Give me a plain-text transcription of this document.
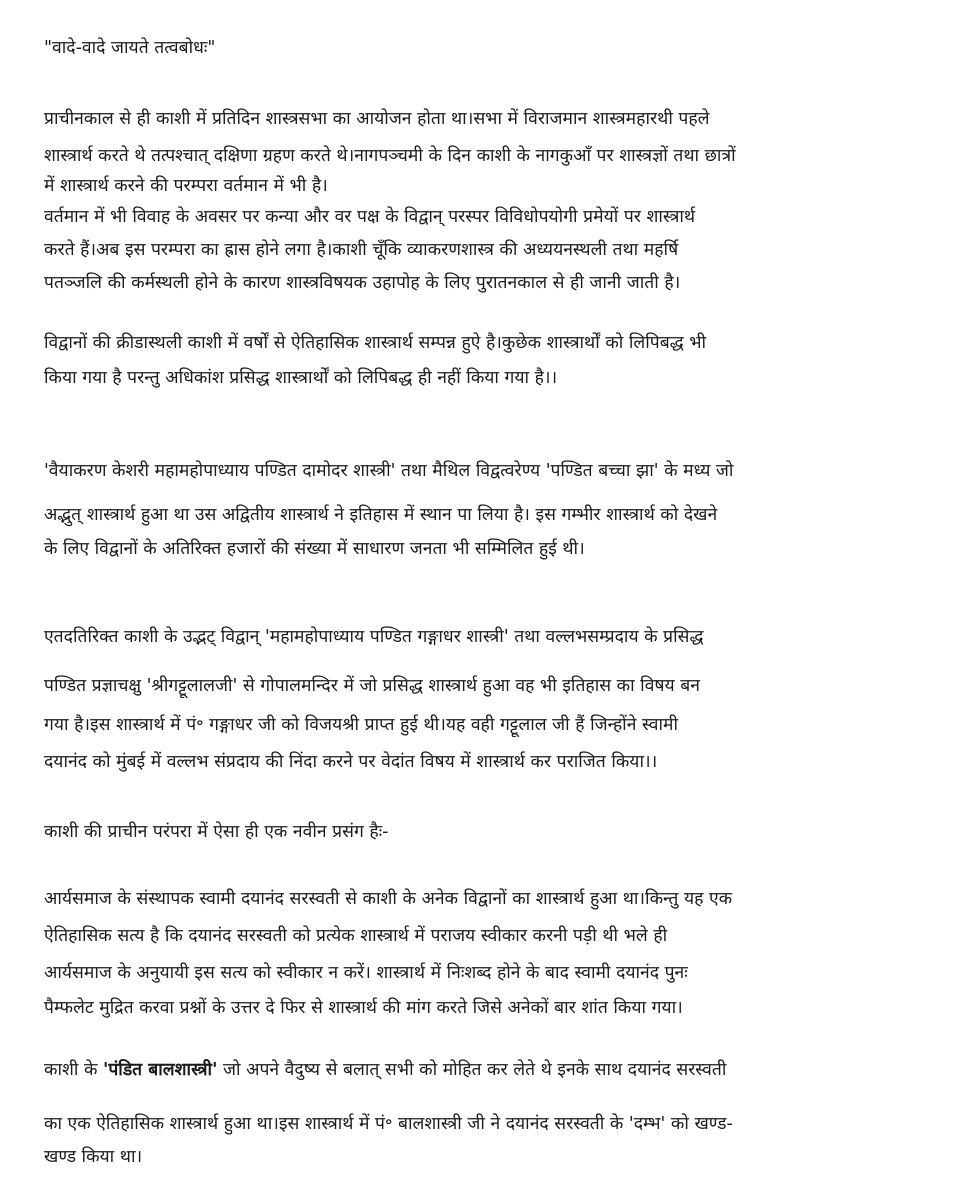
"वादे-वादे जायते तत्वबोधः"
प्राचीनकाल से ही काशी में प्रतिदिन शास्त्रसभा का आयोजन होता था।सभा में विराजमान शास्त्रमहारथी पहले
शास्त्रार्थ करते थे तत्पश्चात् दक्षिणा ग्रहण करते थे।नागपञ्चमी के दिन काशी के नागकुआँ पर शास्त्रज्ञों तथा छात्रों
में शास्त्रार्थ करने की परम्परा वर्तमान में भी है।
वर्तमान में भी विवाह के अवसर पर कन्या और वर पक्ष के विद्वान् परस्पर विविधोपयोगी प्रमेयों पर शास्त्रार्थ
करते हैं।अब इस परम्परा का ह्रास होने लगा है।काशी चूँकि व्याकरणशास्त्र की अध्ययनस्थली तथा महर्षि
पतञ्जलि की कर्मस्थली होने के कारण शास्त्रविषयक उहापोह के लिए पुरातनकाल से ही जानी जाती है।
विद्वानों की क्रीडास्थली काशी में वर्षों से ऐतिहासिक शास्त्रार्थ सम्पन्न हुऐ है।कुछेक शास्त्रार्थों को लिपिबद्ध भी
किया गया है परन्तु अधिकांश प्रसिद्ध शास्त्रार्थों को लिपिबद्ध ही नहीं किया गया है।।
'वैयाकरण केशरी महामहोपाध्याय पण्डित दामोदर शास्त्री' तथा मैथिल विद्वत्वरेण्य 'पण्डित बच्चा झा' के मध्य जो
अद्भुत् शास्त्रार्थ हुआ था उस अद्वितीय शास्त्रार्थ ने इतिहास में स्थान पा लिया है। इस गम्भीर शास्त्रार्थ को देखने
के लिए विद्वानों के अतिरिक्त हजारों की संख्या में साधारण जनता भी सम्मिलित हुई थी।
एतदतिरिक्त काशी के उद्भट् विद्वान् 'महामहोपाध्याय पण्डित गङ्गाधर शास्त्री' तथा वल्लभसम्प्रदाय के प्रसिद्ध
पण्डित प्रज्ञाचक्षु 'श्रीगट्टूलालजी' से गोपालमन्दिर में जो प्रसिद्ध शास्त्रार्थ हुआ वह भी इतिहास का विषय बन
गया है।इस शास्त्रार्थ में पं॰ गङ्गाधर जी को विजयश्री प्राप्त हुई थी।यह वही गट्टूलाल जी हैं जिन्होंने स्वामी
दयानंद को मुंबई में वल्लभ संप्रदाय की निंदा करने पर वेदांत विषय में शास्त्रार्थ कर पराजित किया।।
काशी की प्राचीन परंपरा में ऐसा ही एक नवीन प्रसंग हैः-
आर्यसमाज के संस्थापक स्वामी दयानंद सरस्वती से काशी के अनेक विद्वानों का शास्त्रार्थ हुआ था।किन्तु यह एक
ऐतिहासिक सत्य है कि दयानंद सरस्वती को प्रत्येक शास्त्रार्थ में पराजय स्वीकार करनी पड़ी थी भले ही
आर्यसमाज के अनुयायी इस सत्य को स्वीकार न करें। शास्त्रार्थ में निःशब्द होने के बाद स्वामी दयानंद पुनः
पैम्फलेट मुद्रित करवा प्रश्नों के उत्तर दे फिर से शास्त्रार्थ की मांग करते जिसे अनेकों बार शांत किया गया।
काशी के 'पंडित बालशास्त्री' जो अपने वैदुष्य से बलात् सभी को मोहित कर लेते थे इनके साथ दयानंद सरस्वती
का एक ऐतिहासिक शास्त्रार्थ हुआ था।इस शास्त्रार्थ में पं॰ बालशास्त्री जी ने दयानंद सरस्वती के 'दम्भ' को खण्ड-
खण्ड किया था।
